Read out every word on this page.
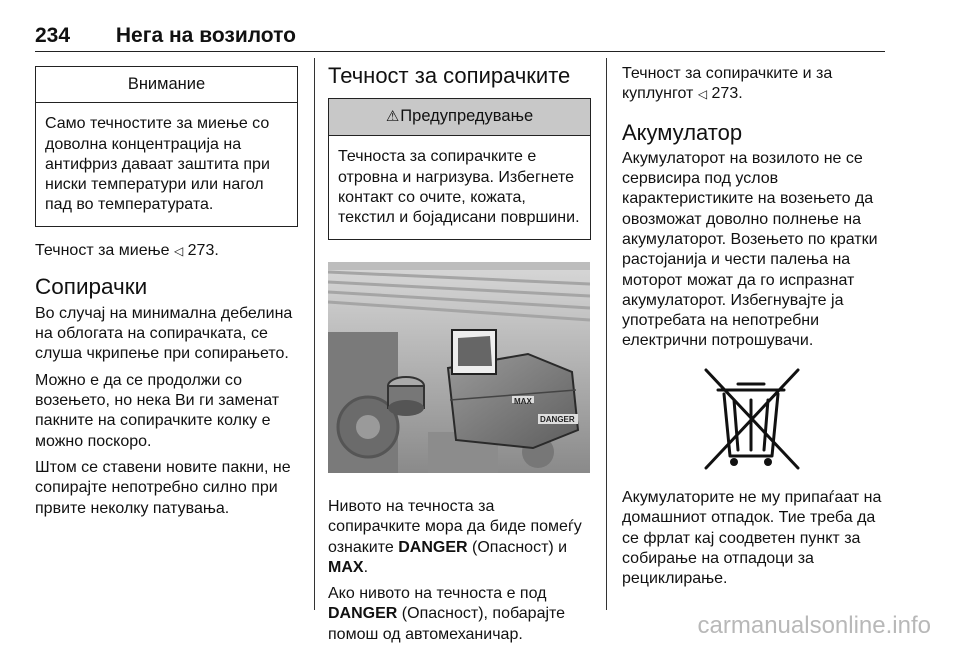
234 Нега на возилото
Внимание
Само течностите за миење со доволна концентрација на антифриз даваат заштита при ниски температури или нагол пад во температурата.

Течност за миење ◁ 273.

Сопирачки

Во случај на минимална дебелина на облогата на сопирачката, се слуша чкрипење при сопирањето.

Можно е да се продолжи со возењето, но нека Ви ги заменат пакните на сопирачките колку е можно поскоро.

Штом се ставени новите пакни, не сопирајте непотребно силно при првите неколку патувања.

Течност за сопирачките
⚠Предупредување
Течноста за сопирачките е отровна и нагризува. Избегнете контакт со очите, кожата, текстил и бојадисани површини.
MAX
DANGER

Нивото на течноста за сопирачките мора да биде помеѓу ознаките DANGER (Опасност) и MAX.

Ако нивото на течноста е под DANGER (Опасност), побарајте помош од автомеханичар.

Течност за сопирачките и за куплунгот ◁ 273.

Акумулатор

Акумулаторот на возилото не се сервисира под услов карактеристиките на возењето да овозможат доволно полнење на акумулаторот. Возењето по кратки растојанија и чести палења на моторот можат да го испразнат акумулаторот. Избегнувајте ја употребата на непотребни електрични потрошувачи.

Акумулаторите не му припаѓаат на домашниот отпадок. Тие треба да се фрлат кај соодветен пункт за собирање на отпадоци за рециклирање.

carmanualsonline.info
